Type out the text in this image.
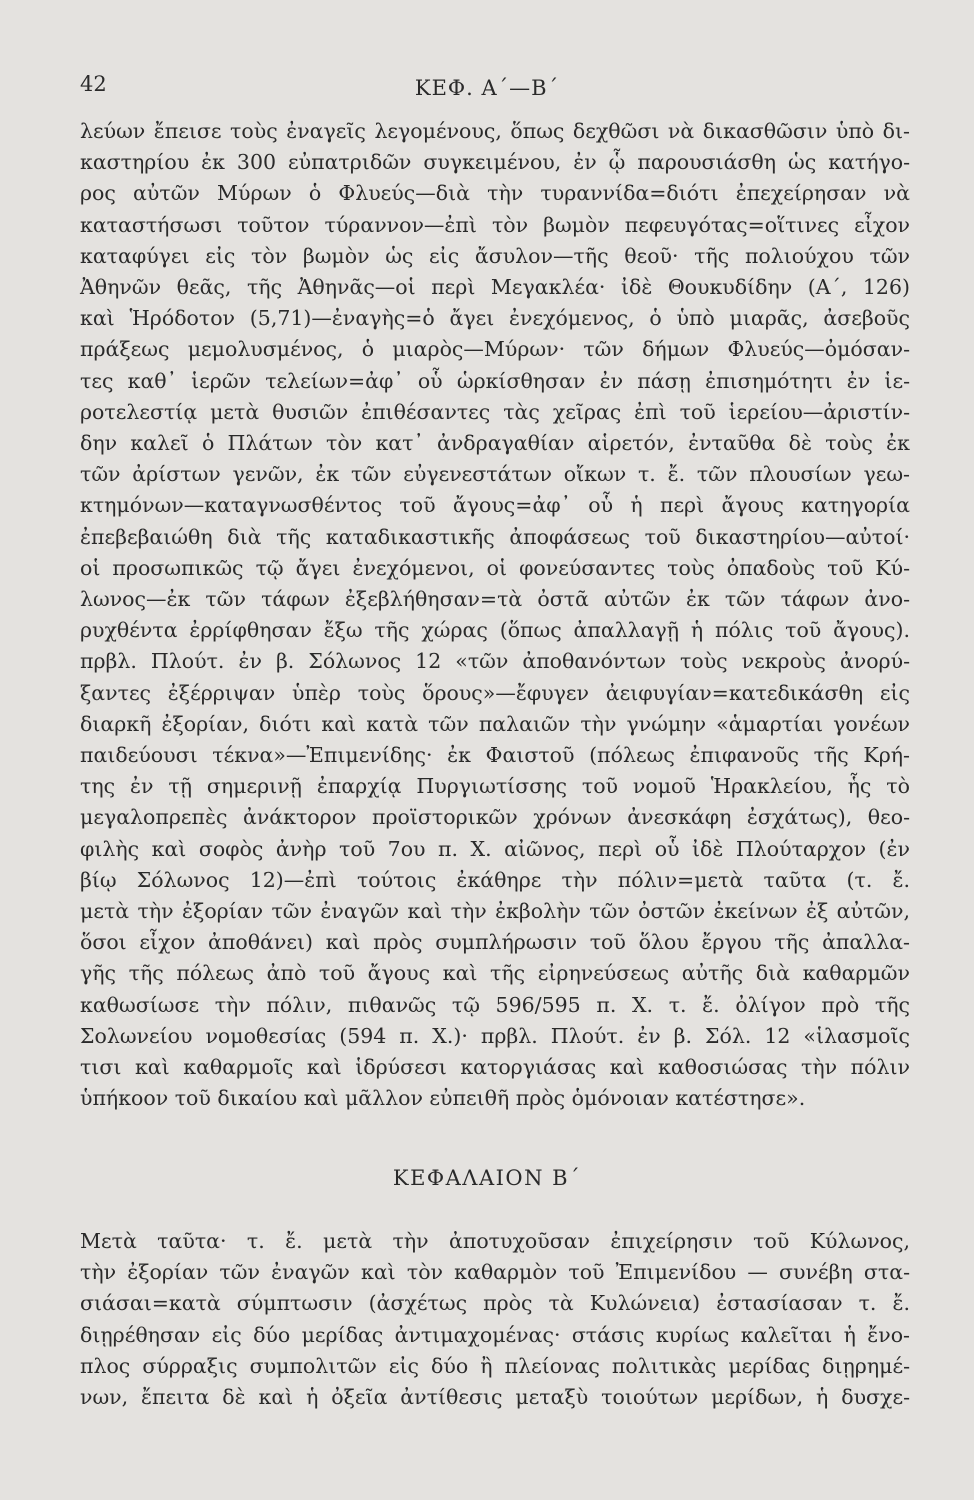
42	ΚΕΦ. Α΄—Β΄
λεύων ἔπεισε τοὺς ἐναγεῖς λεγομένους, ὅπως δεχθῶσι νὰ δικασθῶσιν ὑπὸ δι-
καστηρίου ἐκ 300 εὐπατριδῶν συγκειμένου, ἐν ᾧ παρουσιάσθη ὡς κατήγο-
ρος αὐτῶν Μύρων ὁ Φλυεύς—διὰ τὴν τυραννίδα=διότι ἐπεχείρησαν νὰ
καταστήσωσι τοῦτον τύραννον—ἐπὶ τὸν βωμὸν πεφευγότας=οἵτινες εἶχον
καταφύγει εἰς τὸν βωμὸν ὡς εἰς ἄσυλον—τῆς θεοῦ· τῆς πολιούχου τῶν
Ἀθηνῶν θεᾶς, τῆς Ἀθηνᾶς—οἱ περὶ Μεγακλέα· ἰδὲ Θουκυδίδην (Α΄, 126)
καὶ Ἡρόδοτον (5,71)—ἐναγὴς=ὁ ἄγει ἐνεχόμενος, ὁ ὑπὸ μιαρᾶς, ἀσεβοῦς
πράξεως μεμολυσμένος, ὁ μιαρὸς—Μύρων· τῶν δήμων Φλυεύς—ὀμόσαν-
τες καθ᾽ ἱερῶν τελείων=ἀφ᾽ οὗ ὡρκίσθησαν ἐν πάσῃ ἐπισημότητι ἐν ἱε-
ροτελεστίᾳ μετὰ θυσιῶν ἐπιθέσαντες τὰς χεῖρας ἐπὶ τοῦ ἱερείου—ἀριστίν-
δην καλεῖ ὁ Πλάτων τὸν κατ᾽ ἀνδραγαθίαν αἱρετόν, ἐνταῦθα δὲ τοὺς ἐκ
τῶν ἀρίστων γενῶν, ἐκ τῶν εὐγενεστάτων οἴκων τ. ἔ. τῶν πλουσίων γεω-
κτημόνων—καταγνωσθέντος τοῦ ἄγους=ἀφ᾽ οὗ ἡ περὶ ἄγους κατηγορία
ἐπεβεβαιώθη διὰ τῆς καταδικαστικῆς ἀποφάσεως τοῦ δικαστηρίου—αὐτοί·
οἱ προσωπικῶς τῷ ἄγει ἐνεχόμενοι, οἱ φονεύσαντες τοὺς ὀπαδοὺς τοῦ Κύ-
λωνος—ἐκ τῶν τάφων ἐξεβλήθησαν=τὰ ὀστᾶ αὐτῶν ἐκ τῶν τάφων ἀνο-
ρυχθέντα ἐρρίφθησαν ἔξω τῆς χώρας (ὅπως ἀπαλλαγῇ ἡ πόλις τοῦ ἄγους).
πρβλ. Πλούτ. ἐν β. Σόλωνος 12 «τῶν ἀποθανόντων τοὺς νεκροὺς ἀνορύ-
ξαντες ἐξέρριψαν ὑπὲρ τοὺς ὅρους»—ἔφυγεν ἀειφυγίαν=κατεδικάσθη εἰς
διαρκῆ ἐξορίαν, διότι καὶ κατὰ τῶν παλαιῶν τὴν γνώμην «ἁμαρτίαι γονέων
παιδεύουσι τέκνα»—Ἐπιμενίδης· ἐκ Φαιστοῦ (πόλεως ἐπιφανοῦς τῆς Κρή-
της ἐν τῇ σημερινῇ ἐπαρχίᾳ Πυργιωτίσσης τοῦ νομοῦ Ἡρακλείου, ἧς τὸ
μεγαλοπρεπὲς ἀνάκτορον προϊστορικῶν χρόνων ἀνεσκάφη ἐσχάτως), θεο-
φιλὴς καὶ σοφὸς ἀνὴρ τοῦ 7ου π. Χ. αἰῶνος, περὶ οὗ ἰδὲ Πλούταρχον (ἐν
βίῳ Σόλωνος 12)—ἐπὶ τούτοις ἐκάθηρε τὴν πόλιν=μετὰ ταῦτα (τ. ἔ.
μετὰ τὴν ἐξορίαν τῶν ἐναγῶν καὶ τὴν ἐκβολὴν τῶν ὀστῶν ἐκείνων ἐξ αὐτῶν,
ὅσοι εἶχον ἀποθάνει) καὶ πρὸς συμπλήρωσιν τοῦ ὅλου ἔργου τῆς ἀπαλλα-
γῆς τῆς πόλεως ἀπὸ τοῦ ἄγους καὶ τῆς εἰρηνεύσεως αὐτῆς διὰ καθαρμῶν
καθωσίωσε τὴν πόλιν, πιθανῶς τῷ 596/595 π. Χ. τ. ἔ. ὀλίγον πρὸ τῆς
Σολωνείου νομοθεσίας (594 π. Χ.)· πρβλ. Πλούτ. ἐν β. Σόλ. 12 «ἱλασμοῖς
τισι καὶ καθαρμοῖς καὶ ἱδρύσεσι κατοργιάσας καὶ καθοσιώσας τὴν πόλιν
ὑπήκοον τοῦ δικαίου καὶ μᾶλλον εὐπειθῆ πρὸς ὁμόνοιαν κατέστησε».
ΚΕΦΑΛΑΙΟΝ Β΄
Μετὰ ταῦτα· τ. ἔ. μετὰ τὴν ἀποτυχοῦσαν ἐπιχείρησιν τοῦ Κύλωνος,
τὴν ἐξορίαν τῶν ἐναγῶν καὶ τὸν καθαρμὸν τοῦ Ἐπιμενίδου — συνέβη στα-
σιάσαι=κατὰ σύμπτωσιν (ἀσχέτως πρὸς τὰ Κυλώνεια) ἐστασίασαν τ. ἔ.
διῃρέθησαν εἰς δύο μερίδας ἀντιμαχομένας· στάσις κυρίως καλεῖται ἡ ἔνο-
πλος σύρραξις συμπολιτῶν εἰς δύο ἢ πλείονας πολιτικὰς μερίδας διῃρημέ-
νων, ἔπειτα δὲ καὶ ἡ ὀξεῖα ἀντίθεσις μεταξὺ τοιούτων μερίδων, ἡ δυσχε-
